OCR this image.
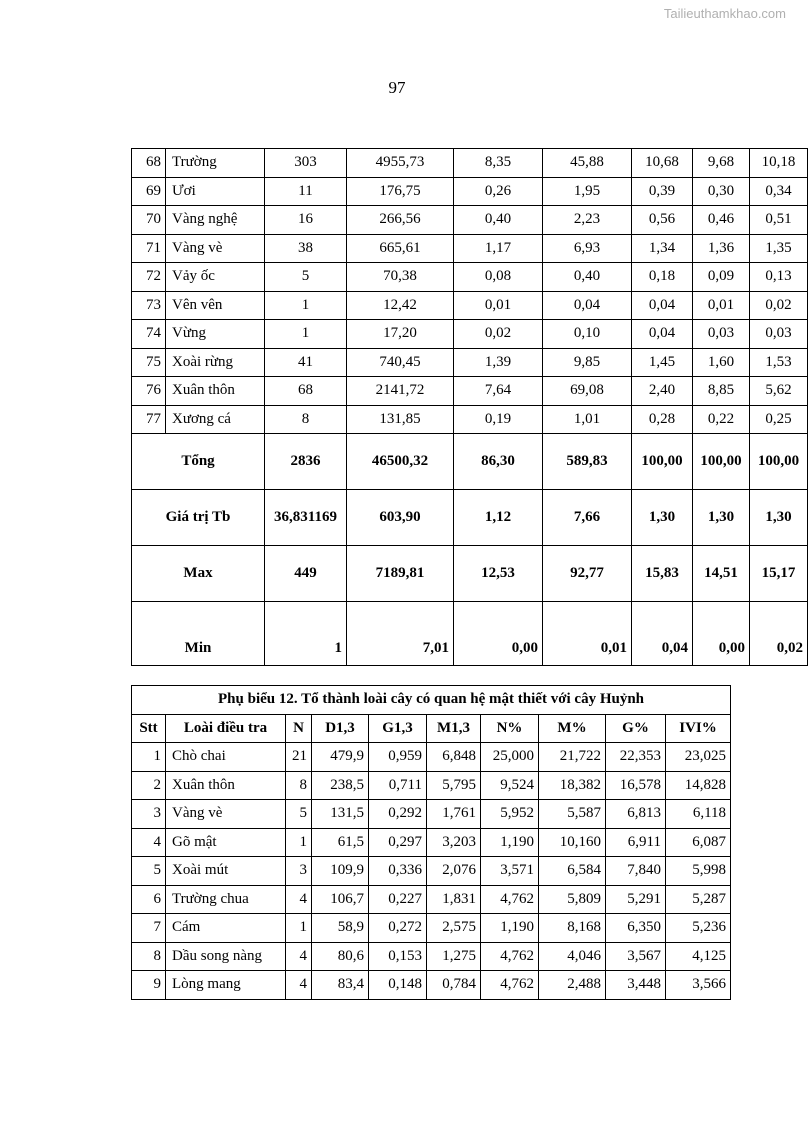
Tailieuthamkhao.com
97
68	Trường	303	4955,73	8,35	45,88	10,68	9,68	10,18
69	Ươi	11	176,75	0,26	1,95	0,39	0,30	0,34
70	Vàng nghệ	16	266,56	0,40	2,23	0,56	0,46	0,51
71	Vàng vè	38	665,61	1,17	6,93	1,34	1,36	1,35
72	Vảy ốc	5	70,38	0,08	0,40	0,18	0,09	0,13
73	Vên vên	1	12,42	0,01	0,04	0,04	0,01	0,02
74	Vừng	1	17,20	0,02	0,10	0,04	0,03	0,03
75	Xoài rừng	41	740,45	1,39	9,85	1,45	1,60	1,53
76	Xuân thôn	68	2141,72	7,64	69,08	2,40	8,85	5,62
77	Xương cá	8	131,85	0,19	1,01	0,28	0,22	0,25
Tổng		2836	46500,32	86,30	589,83	100,00	100,00	100,00
Giá trị Tb		36,831169	603,90	1,12	7,66	1,30	1,30	1,30
Max		449	7189,81	12,53	92,77	15,83	14,51	15,17
Min		1	7,01	0,00	0,01	0,04	0,00	0,02
Phụ biểu 12. Tổ thành loài cây có quan hệ mật thiết với cây Huỷnh									
Stt	Loài điều tra	N	D1,3	G1,3	M1,3	N%	M%	G%	IVI%
1	Chò chai	21	479,9	0,959	6,848	25,000	21,722	22,353	23,025
2	Xuân thôn	8	238,5	0,711	5,795	9,524	18,382	16,578	14,828
3	Vàng vè	5	131,5	0,292	1,761	5,952	5,587	6,813	6,118
4	Gõ mật	1	61,5	0,297	3,203	1,190	10,160	6,911	6,087
5	Xoài mút	3	109,9	0,336	2,076	3,571	6,584	7,840	5,998
6	Trường chua	4	106,7	0,227	1,831	4,762	5,809	5,291	5,287
7	Cám	1	58,9	0,272	2,575	1,190	8,168	6,350	5,236
8	Dầu song nàng	4	80,6	0,153	1,275	4,762	4,046	3,567	4,125
9	Lòng mang	4	83,4	0,148	0,784	4,762	2,488	3,448	3,566
